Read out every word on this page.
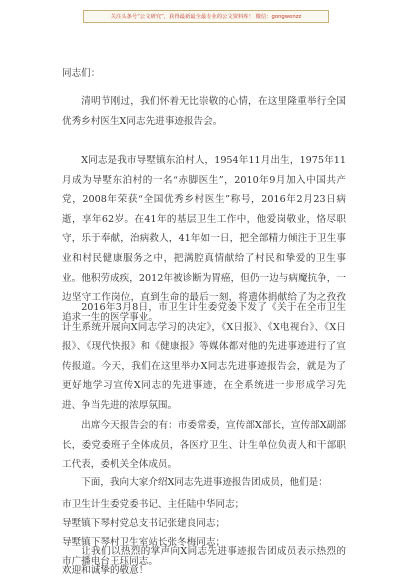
关注头条号“公文研究”，获得最新最全最专业的公文资料库！ 微信：gongwenzz

同志们：

清明节刚过，我们怀着无比崇敬的心情，在这里隆重举行全国优秀乡村医生X同志先进事迹报告会。

X同志是我市导墅镇东泊村人，1954年11月出生，1975年11月成为导墅东泊村的一名“赤脚医生”，2010年9月加入中国共产党，2008年荣获“全国优秀乡村医生”称号，2016年2月23日病逝，享年62岁。在41年的基层卫生工作中，他爱岗敬业，恪尽职守，乐于奉献，治病救人，41年如一日，把全部精力倾注于卫生事业和村民健康服务之中，把满腔真情献给了村民和挚爱的卫生事业。他积劳成疾，2012年被诊断为胃癌，但仍一边与病魔抗争，一边坚守工作岗位，直到生命的最后一刻，将遗体捐献给了为之孜孜追求一生的医学事业。

2016年3月8日，市卫生计生委党委下发了《关于在全市卫生计生系统开展向X同志学习的决定》，《X日报》、《X电视台》、《X日报》、《现代快报》和《健康报》等媒体都对他的先进事迹进行了宣传报道。今天，我们在这里举办X同志先进事迹报告会，就是为了更好地学习宣传X同志的先进事迹，在全系统进一步形成学习先进、争当先进的浓厚氛围。

出席今天报告会的有：市委常委，宣传部X部长，宣传部X副部长，委党委班子全体成员，各医疗卫生、计生单位负责人和干部职工代表，委机关全体成员。

下面，我向大家介绍X同志先进事迹报告团成员，他们是：

市卫生计生委党委书记、主任陆中华同志；

导墅镇下琴村党总支书记张建良同志；

导墅镇下琴村卫生室站长张冬梅同志；

市广播电台王珏同志。

让我们以热烈的掌声向X同志先进事迹报告团成员表示热烈的欢迎和诚挚的敬意！
